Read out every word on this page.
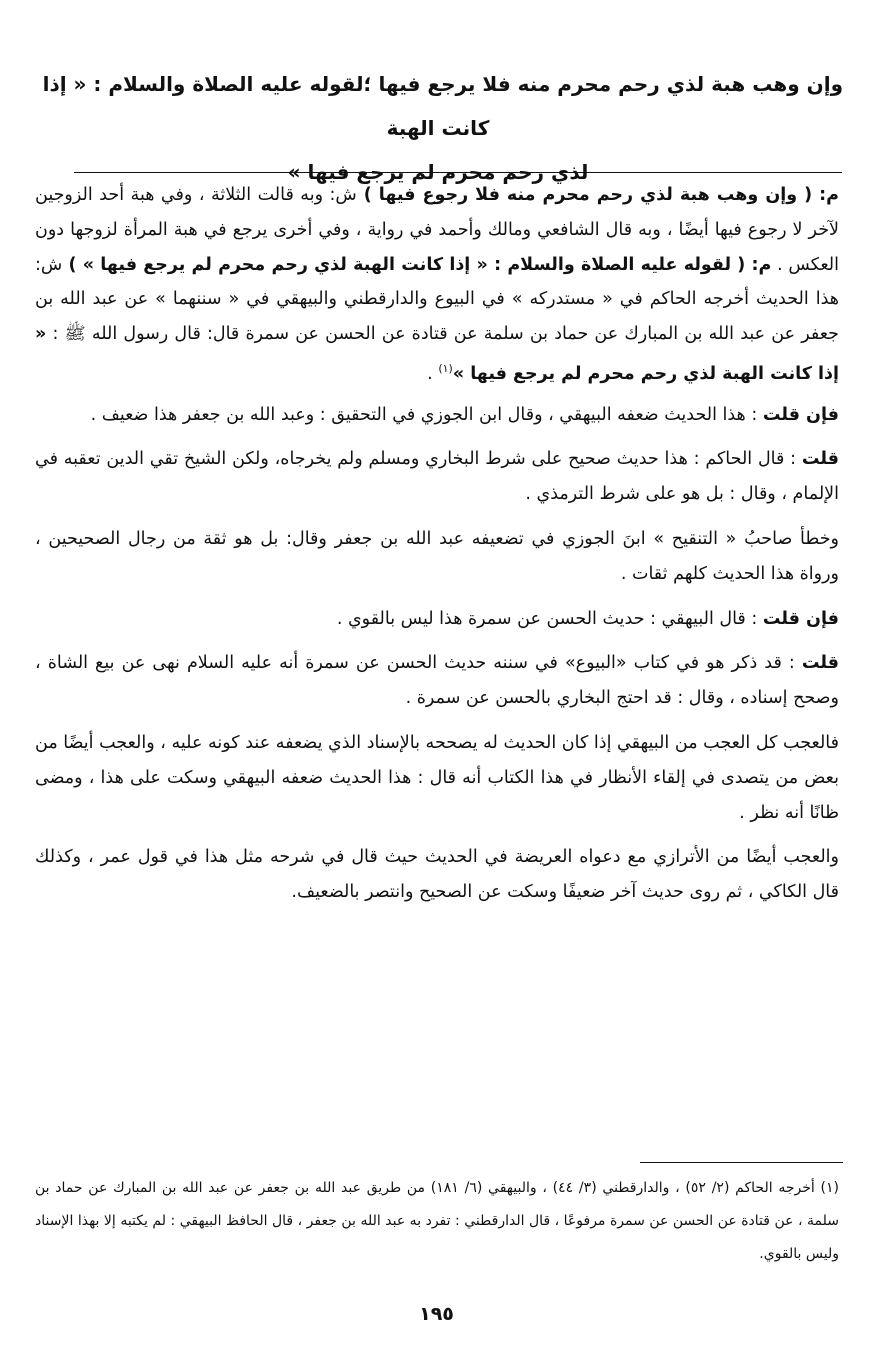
وإن وهب هبة لذي رحم محرم منه فلا يرجع فيها ؛لقوله عليه الصلاة والسلام : « إذا كانت الهبة
لذي رحم محرم لم يرجع فيها »

م: ( وإن وهب هبة لذي رحم محرم منه فلا رجوع فيها ) ش: وبه قالت الثلاثة ، وفي هبة أحد الزوجين لآخر لا رجوع فيها أيضًا ، وبه قال الشافعي ومالك وأحمد في رواية ، وفي أخرى يرجع في هبة المرأة لزوجها دون العكس . م: ( لقوله عليه الصلاة والسلام : « إذا كانت الهبة لذي رحم محرم لم يرجع فيها » ) ش: هذا الحديث أخرجه الحاكم في « مستدركه » في البيوع والدارقطني والبيهقي في « سننهما » عن عبد الله بن جعفر عن عبد الله بن المبارك عن حماد بن سلمة عن قتادة عن الحسن عن سمرة قال: قال رسول الله ﷺ : « إذا كانت الهبة لذي رحم محرم لم يرجع فيها »$^{(١)}$ .

فإن قلت : هذا الحديث ضعفه البيهقي ، وقال ابن الجوزي في التحقيق : وعبد الله بن جعفر هذا ضعيف .

قلت : قال الحاكم : هذا حديث صحيح على شرط البخاري ومسلم ولم يخرجاه، ولكن الشيخ تقي الدين تعقبه في الإلمام ، وقال : بل هو على شرط الترمذي .

وخطأ صاحبُ « التنقيح » ابنَ الجوزي في تضعيفه عبد الله بن جعفر وقال: بل هو ثقة من رجال الصحيحين ، ورواة هذا الحديث كلهم ثقات .

فإن قلت : قال البيهقي : حديث الحسن عن سمرة هذا ليس بالقوي .

قلت : قد ذكر هو في كتاب «البيوع» في سننه حديث الحسن عن سمرة أنه عليه السلام نهى عن بيع الشاة ، وصحح إسناده ، وقال : قد احتج البخاري بالحسن عن سمرة .

فالعجب كل العجب من البيهقي إذا كان الحديث له يصححه بالإسناد الذي يضعفه عند كونه عليه ، والعجب أيضًا من بعض من يتصدى في إلقاء الأنظار في هذا الكتاب أنه قال : هذا الحديث ضعفه البيهقي وسكت على هذا ، ومضى ظانًا أنه نظر .

والعجب أيضًا من الأترازي مع دعواه العريضة في الحديث حيث قال في شرحه مثل هذا في قول عمر ، وكذلك قال الكاكي ، ثم روى حديث آخر ضعيفًا وسكت عن الصحيح وانتصر بالضعيف.

(١) أخرجه الحاكم (٢/ ٥٢) ، والدارقطني (٣/ ٤٤) ، والبيهقي (٦/ ١٨١) من طريق عبد الله بن جعفر عن عبد الله بن المبارك عن حماد بن سلمة ، عن قتادة عن الحسن عن سمرة مرفوعًا ، قال الدارقطني : تفرد به عبد الله بن جعفر ، قال الحافظ البيهقي : لم يكتبه إلا بهذا الإسناد وليس بالقوي.
١٩٥
